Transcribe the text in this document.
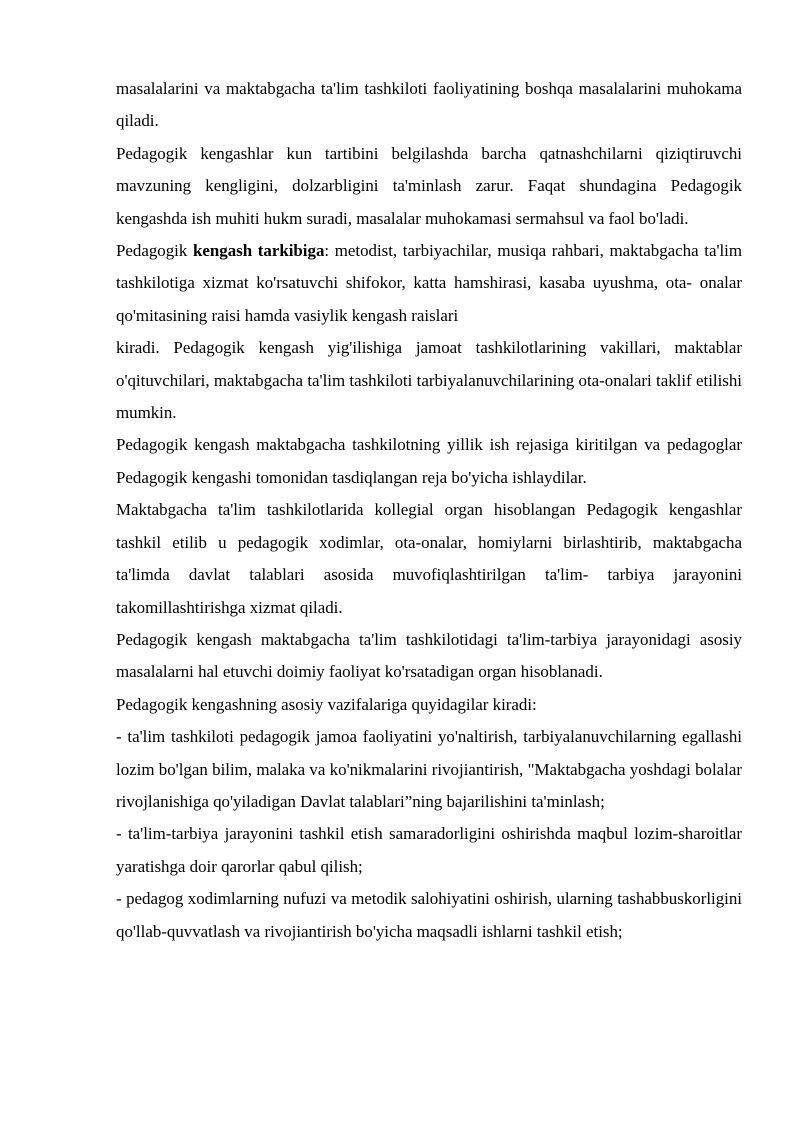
masalalarini va maktabgacha ta'lim tashkiloti faoliyatining boshqa masalalarini muhokama qiladi.

Pedagogik kengashlar kun tartibini belgilashda barcha qatnashchilarni qiziqtiruvchi mavzuning kengligini, dolzarbligini ta'minlash zarur. Faqat shundagina Pedagogik kengashda ish muhiti hukm suradi, masalalar muhokamasi sermahsul va faol bo'ladi.

Pedagogik kengash tarkibiga: metodist, tarbiyachilar, musiqa rahbari, maktabgacha ta'lim tashkilotiga xizmat ko'rsatuvchi shifokor, katta hamshirasi, kasaba uyushma, ota- onalar qo'mitasining raisi hamda vasiylik kengash raislari

kiradi. Pedagogik kengash yig'ilishiga jamoat tashkilotlarining vakillari, maktablar o'qituvchilari, maktabgacha ta'lim tashkiloti tarbiyalanuvchilarining ota-onalari taklif etilishi mumkin.

Pedagogik kengash maktabgacha tashkilotning yillik ish rejasiga kiritilgan va pedagoglar Pedagogik kengashi tomonidan tasdiqlangan reja bo'yicha ishlaydilar.

Maktabgacha ta'lim tashkilotlarida kollegial organ hisoblangan Pedagogik kengashlar tashkil etilib u pedagogik xodimlar, ota-onalar, homiylarni birlashtirib, maktabgacha ta'limda davlat talablari asosida muvofiqlashtirilgan ta'lim- tarbiya jarayonini takomillashtirishga xizmat qiladi.

Pedagogik kengash maktabgacha ta'lim tashkilotidagi ta'lim-tarbiya jarayonidagi asosiy masalalarni hal etuvchi doimiy faoliyat ko'rsatadigan organ hisoblanadi.

Pedagogik kengashning asosiy vazifalariga quyidagilar kiradi:

- ta'lim tashkiloti pedagogik jamoa faoliyatini yo'naltirish, tarbiyalanuvchilarning egallashi lozim bo'lgan bilim, malaka va ko'nikmalarini rivojiantirish, "Maktabgacha yoshdagi bolalar rivojlanishiga qo'yiladigan Davlat talablari”ning bajarilishini ta'minlash;

- ta'lim-tarbiya jarayonini tashkil etish samaradorligini oshirishda maqbul lozim-sharoitlar yaratishga doir qarorlar qabul qilish;

- pedagog xodimlarning nufuzi va metodik salohiyatini oshirish, ularning tashabbuskorligini qo'llab-quvvatlash va rivojiantirish bo'yicha maqsadli ishlarni tashkil etish;
